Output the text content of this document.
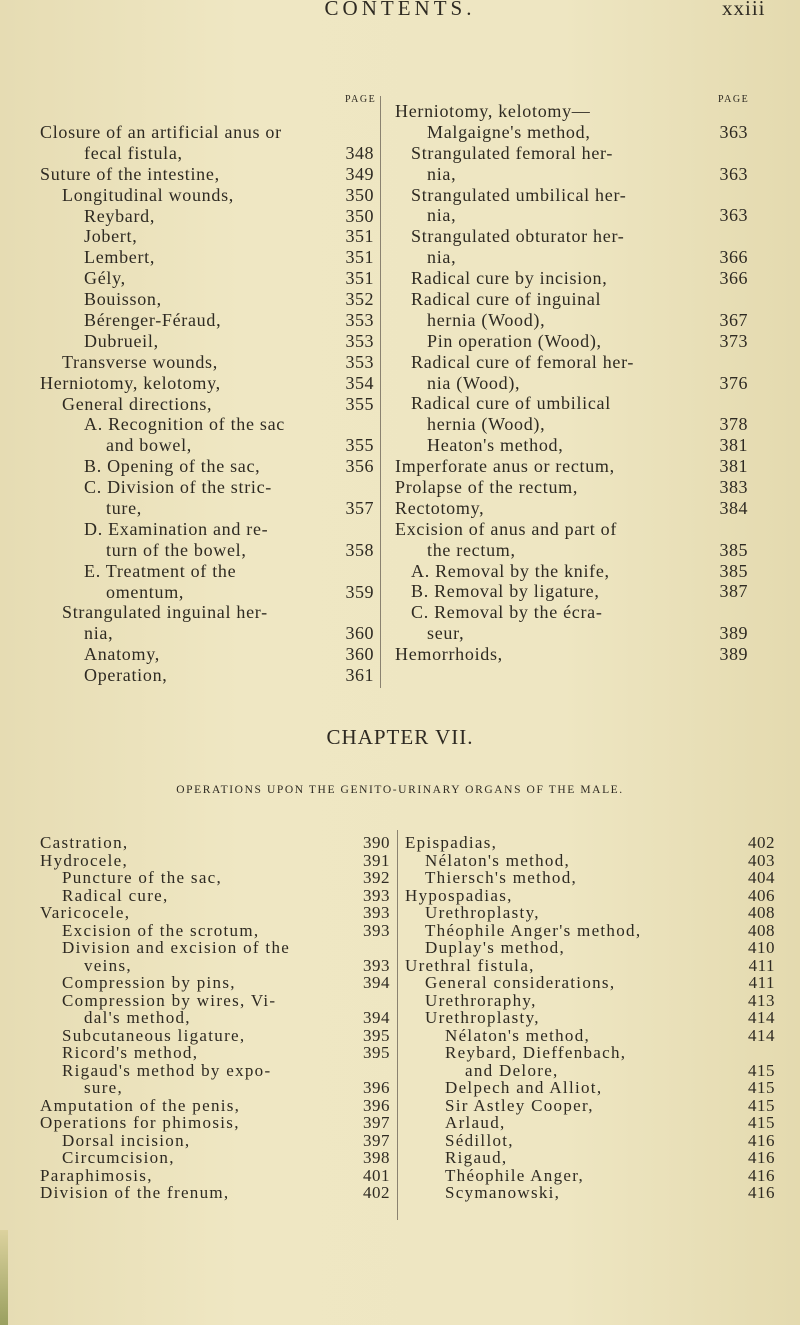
CONTENTS.	xxiii
PAGE	PAGE
Closure of an artificial anus or
fecal fistula,	348
Suture of the intestine,	349
Longitudinal wounds,	350
Reybard,	350
Jobert,	351
Lembert,	351
Gély,	351
Bouisson,	352
Bérenger-Féraud,	353
Dubrueil,	353
Transverse wounds,	353
Herniotomy, kelotomy,	354
General directions,	355
A. Recognition of the sac
and bowel,	355
B. Opening of the sac,	356
C. Division of the stric-
ture,	357
D. Examination and re-
turn of the bowel,	358
E. Treatment of the
omentum,	359
Strangulated inguinal her-
nia,	360
Anatomy,	360
Operation,	361
Herniotomy, kelotomy—
Malgaigne's method,	363
Strangulated femoral her-
nia,	363
Strangulated umbilical her-
nia,	363
Strangulated obturator her-
nia,	366
Radical cure by incision,	366
Radical cure of inguinal
hernia (Wood),	367
Pin operation (Wood),	373
Radical cure of femoral her-
nia (Wood),	376
Radical cure of umbilical
hernia (Wood),	378
Heaton's method,	381
Imperforate anus or rectum,	381
Prolapse of the rectum,	383
Rectotomy,	384
Excision of anus and part of
the rectum,	385
A. Removal by the knife,	385
B. Removal by ligature,	387
C. Removal by the écra-
seur,	389
Hemorrhoids,	389
CHAPTER VII.
OPERATIONS UPON THE GENITO-URINARY ORGANS OF THE MALE.
Castration,	390
Hydrocele,	391
Puncture of the sac,	392
Radical cure,	393
Varicocele,	393
Excision of the scrotum,	393
Division and excision of the
veins,	393
Compression by pins,	394
Compression by wires, Vi-
dal's method,	394
Subcutaneous ligature,	395
Ricord's method,	395
Rigaud's method by expo-
sure,	396
Amputation of the penis,	396
Operations for phimosis,	397
Dorsal incision,	397
Circumcision,	398
Paraphimosis,	401
Division of the frenum,	402
Epispadias,	402
Nélaton's method,	403
Thiersch's method,	404
Hypospadias,	406
Urethroplasty,	408
Théophile Anger's method,	408
Duplay's method,	410
Urethral fistula,	411
General considerations,	411
Urethroraphy,	413
Urethroplasty,	414
Nélaton's method,	414
Reybard, Dieffenbach,
and Delore,	415
Delpech and Alliot,	415
Sir Astley Cooper,	415
Arlaud,	415
Sédillot,	416
Rigaud,	416
Théophile Anger,	416
Scymanowski,	416
